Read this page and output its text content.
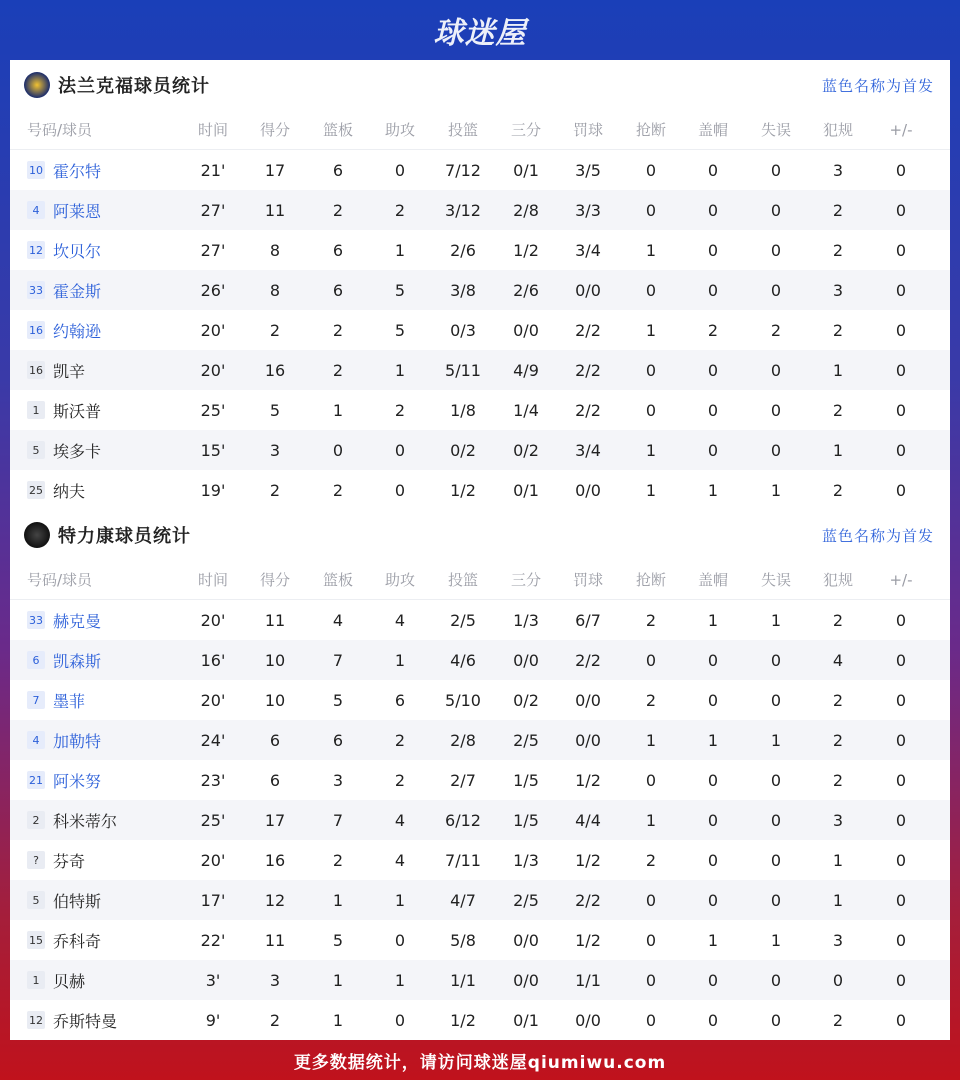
球迷屋
法兰克福球员统计	蓝色名称为首发
号码/球员	时间	得分	篮板	助攻	投篮	三分	罚球	抢断	盖帽	失误	犯规	+/-
10 霍尔特	21'	17	6	0	7/12	0/1	3/5	0	0	0	3	0
4 阿莱恩	27'	11	2	2	3/12	2/8	3/3	0	0	0	2	0
12 坎贝尔	27'	8	6	1	2/6	1/2	3/4	1	0	0	2	0
33 霍金斯	26'	8	6	5	3/8	2/6	0/0	0	0	0	3	0
16 约翰逊	20'	2	2	5	0/3	0/0	2/2	1	2	2	2	0
16 凯辛	20'	16	2	1	5/11	4/9	2/2	0	0	0	1	0
1 斯沃普	25'	5	1	2	1/8	1/4	2/2	0	0	0	2	0
5 埃多卡	15'	3	0	0	0/2	0/2	3/4	1	0	0	1	0
25 纳夫	19'	2	2	0	1/2	0/1	0/0	1	1	1	2	0
特力康球员统计	蓝色名称为首发
号码/球员	时间	得分	篮板	助攻	投篮	三分	罚球	抢断	盖帽	失误	犯规	+/-
33 赫克曼	20'	11	4	4	2/5	1/3	6/7	2	1	1	2	0
6 凯森斯	16'	10	7	1	4/6	0/0	2/2	0	0	0	4	0
7 墨菲	20'	10	5	6	5/10	0/2	0/0	2	0	0	2	0
4 加勒特	24'	6	6	2	2/8	2/5	0/0	1	1	1	2	0
21 阿米努	23'	6	3	2	2/7	1/5	1/2	0	0	0	2	0
2 科米蒂尔	25'	17	7	4	6/12	1/5	4/4	1	0	0	3	0
? 芬奇	20'	16	2	4	7/11	1/3	1/2	2	0	0	1	0
5 伯特斯	17'	12	1	1	4/7	2/5	2/2	0	0	0	1	0
15 乔科奇	22'	11	5	0	5/8	0/0	1/2	0	1	1	3	0
1 贝赫	3'	3	1	1	1/1	0/0	1/1	0	0	0	0	0
12 乔斯特曼	9'	2	1	0	1/2	0/1	0/0	0	0	0	2	0
更多数据统计，请访问球迷屋qiumiwu.com
